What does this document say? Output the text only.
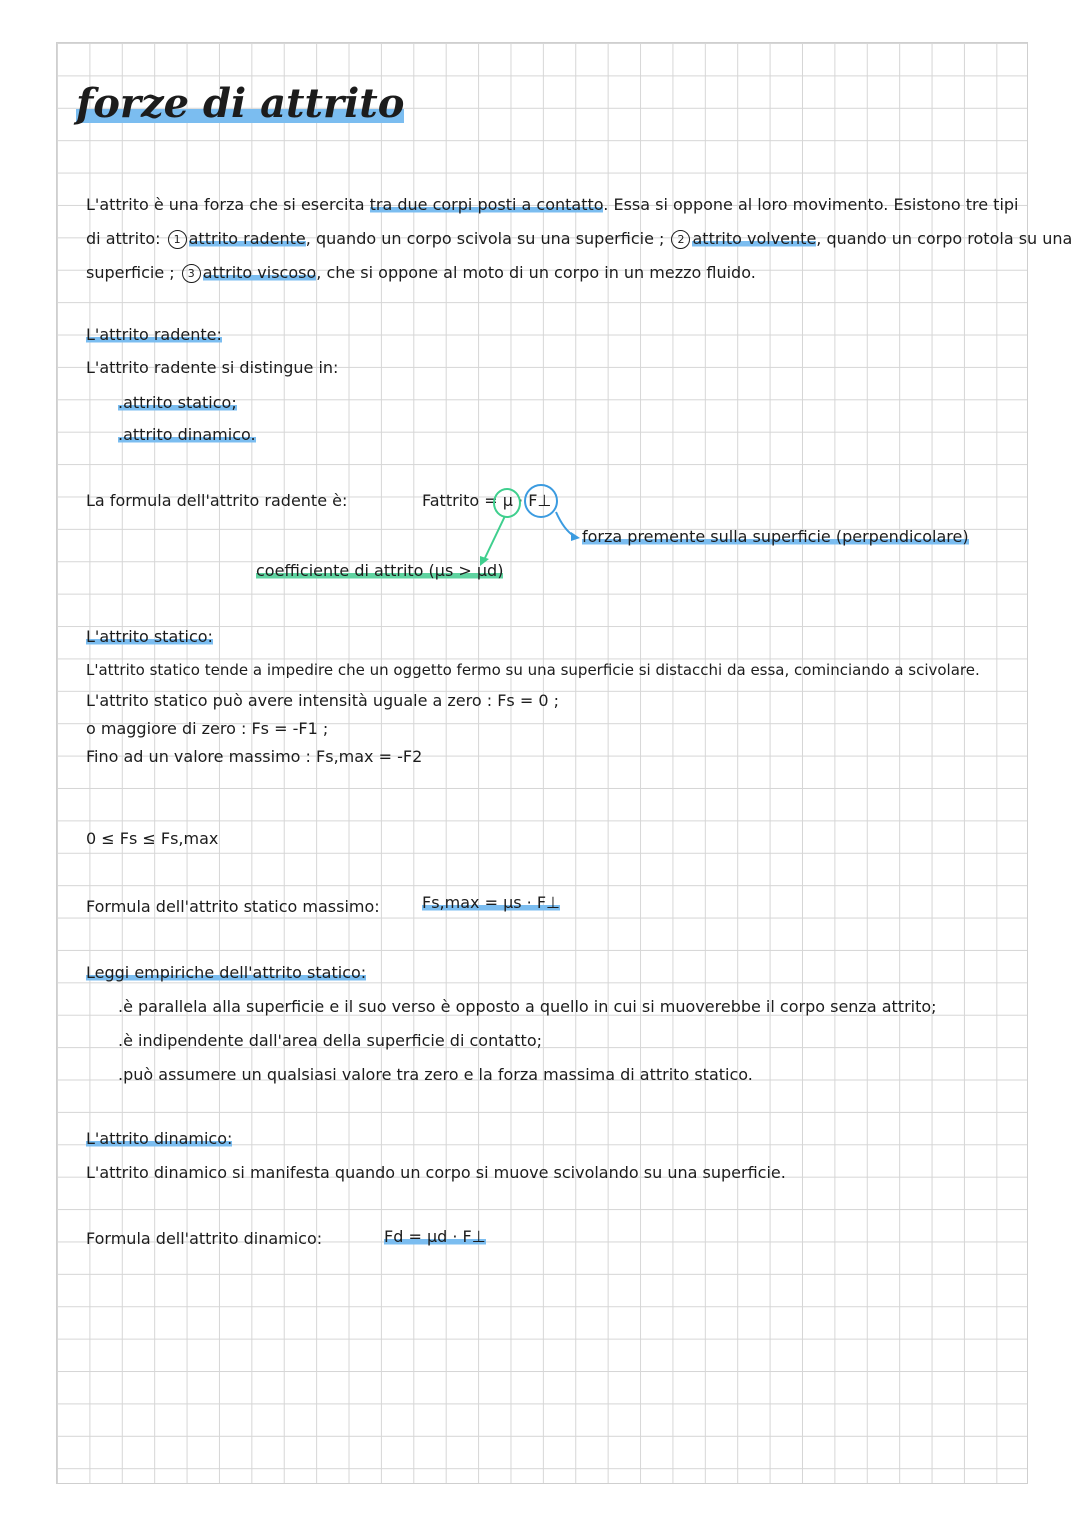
forze di attrito
L'attrito è una forza che si esercita tra due corpi posti a contatto. Essa si oppone al loro movimento. Esistono tre tipi
di attrito: 1 attrito radente, quando un corpo scivola su una superficie ; 2 attrito volvente, quando un corpo rotola su una
superficie ; 3 attrito viscoso, che si oppone al moto di un corpo in un mezzo fluido.
L'attrito radente:
L'attrito radente si distingue in:
.attrito statico;
.attrito dinamico.
La formula dell'attrito radente è:	Fattrito = μ · F⊥
forza premente sulla superficie (perpendicolare)
coefficiente di attrito (μs > μd)
L'attrito statico:
L'attrito statico tende a impedire che un oggetto fermo su una superficie si distacchi da essa, cominciando a scivolare.
L'attrito statico può avere intensità uguale a zero : Fs = 0 ;
o maggiore di zero : Fs = -F1 ;
Fino ad un valore massimo : Fs,max = -F2
0 ≤ Fs ≤ Fs,max
Formula dell'attrito statico massimo:	Fs,max = μs · F⊥
Leggi empiriche dell'attrito statico:
.è parallela alla superficie e il suo verso è opposto a quello in cui si muoverebbe il corpo senza attrito;
.è indipendente dall'area della superficie di contatto;
.può assumere un qualsiasi valore tra zero e la forza massima di attrito statico.
L'attrito dinamico:
L'attrito dinamico si manifesta quando un corpo si muove scivolando su una superficie.
Formula dell'attrito dinamico:	Fd = μd · F⊥
